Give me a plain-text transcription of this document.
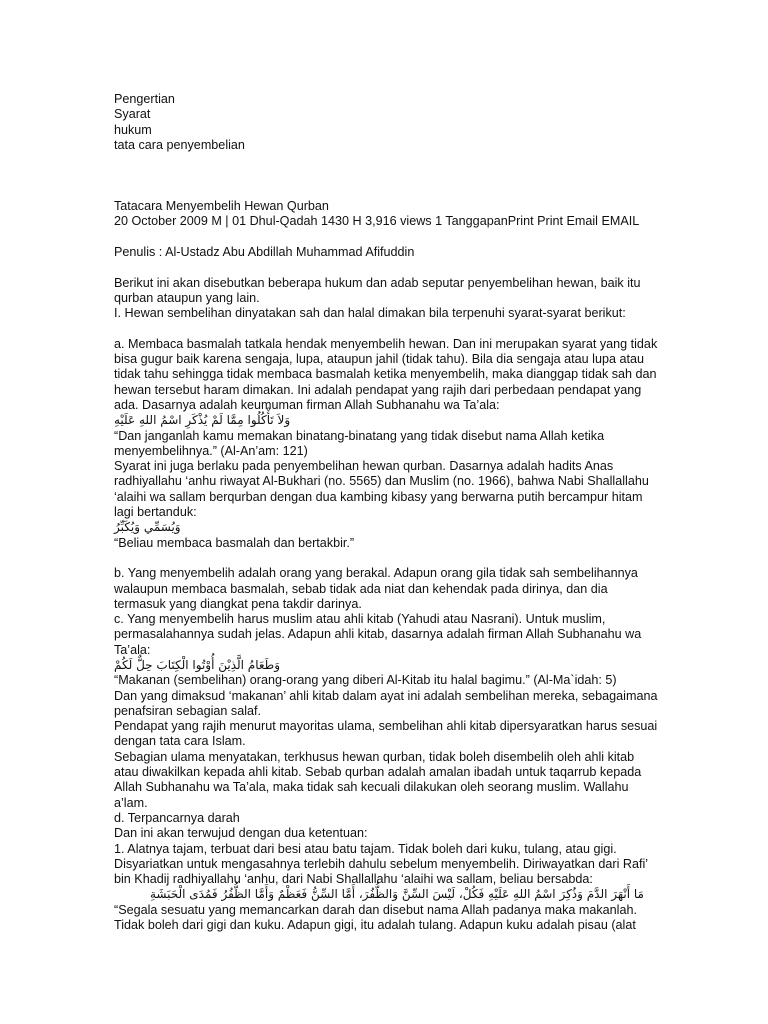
Pengertian
Syarat
hukum
tata cara penyembelian
Tatacara Menyembelih Hewan Qurban
20 October 2009 M | 01 Dhul-Qadah 1430 H 3,916 views 1 TanggapanPrint Print Email EMAIL
Penulis : Al-Ustadz Abu Abdillah Muhammad Afifuddin
Berikut ini akan disebutkan beberapa hukum dan adab seputar penyembelihan hewan, baik itu
qurban ataupun yang lain.
I. Hewan sembelihan dinyatakan sah dan halal dimakan bila terpenuhi syarat-syarat berikut:
a. Membaca basmalah tatkala hendak menyembelih hewan. Dan ini merupakan syarat yang tidak
bisa gugur baik karena sengaja, lupa, ataupun jahil (tidak tahu). Bila dia sengaja atau lupa atau
tidak tahu sehingga tidak membaca basmalah ketika menyembelih, maka dianggap tidak sah dan
hewan tersebut haram dimakan. Ini adalah pendapat yang rajih dari perbedaan pendapat yang
ada. Dasarnya adalah keumuman firman Allah Subhanahu wa Ta’ala:
وَلاَ تَأْكُلُوا مِمَّا لَمْ يُذْكَرِ اسْمُ اللهِ عَلَيْهِ
“Dan janganlah kamu memakan binatang-binatang yang tidak disebut nama Allah ketika
menyembelihnya.” (Al-An’am: 121)
Syarat ini juga berlaku pada penyembelihan hewan qurban. Dasarnya adalah hadits Anas
radhiyallahu ‘anhu riwayat Al-Bukhari (no. 5565) dan Muslim (no. 1966), bahwa Nabi Shallallahu
‘alaihi wa sallam berqurban dengan dua kambing kibasy yang berwarna putih bercampur hitam
lagi bertanduk:
وَيُسَمِّي وَيُكَبِّرُ
“Beliau membaca basmalah dan bertakbir.”
b. Yang menyembelih adalah orang yang berakal. Adapun orang gila tidak sah sembelihannya
walaupun membaca basmalah, sebab tidak ada niat dan kehendak pada dirinya, dan dia
termasuk yang diangkat pena takdir darinya.
c. Yang menyembelih harus muslim atau ahli kitab (Yahudi atau Nasrani). Untuk muslim,
permasalahannya sudah jelas. Adapun ahli kitab, dasarnya adalah firman Allah Subhanahu wa
Ta’ala:
وَطَعَامُ الَّذِيْنَ أُوْتُوا الْكِتَابَ حِلٌّ لَكُمْ
“Makanan (sembelihan) orang-orang yang diberi Al-Kitab itu halal bagimu.” (Al-Ma`idah: 5)
Dan yang dimaksud ‘makanan’ ahli kitab dalam ayat ini adalah sembelihan mereka, sebagaimana
penafsiran sebagian salaf.
Pendapat yang rajih menurut mayoritas ulama, sembelihan ahli kitab dipersyaratkan harus sesuai
dengan tata cara Islam.
Sebagian ulama menyatakan, terkhusus hewan qurban, tidak boleh disembelih oleh ahli kitab
atau diwakilkan kepada ahli kitab. Sebab qurban adalah amalan ibadah untuk taqarrub kepada
Allah Subhanahu wa Ta’ala, maka tidak sah kecuali dilakukan oleh seorang muslim. Wallahu
a’lam.
d. Terpancarnya darah
Dan ini akan terwujud dengan dua ketentuan:
1. Alatnya tajam, terbuat dari besi atau batu tajam. Tidak boleh dari kuku, tulang, atau gigi.
Disyariatkan untuk mengasahnya terlebih dahulu sebelum menyembelih. Diriwayatkan dari Rafi’
bin Khadij radhiyallahu ‘anhu, dari Nabi Shallallahu ‘alaihi wa sallam, beliau bersabda:
مَا أَنْهَرَ الدَّمَ وَذُكِرَ اسْمُ اللهِ عَلَيْهِ فَكُلْ، لَيْسَ السِّنَّ وَالظُّفُرَ، أَمَّا السِّنُّ فَعَظْمٌ وَأَمَّا الظُّفُرُ فَمُدَى الْحَبَشَةِ
“Segala sesuatu yang memancarkan darah dan disebut nama Allah padanya maka makanlah.
Tidak boleh dari gigi dan kuku. Adapun gigi, itu adalah tulang. Adapun kuku adalah pisau (alat
